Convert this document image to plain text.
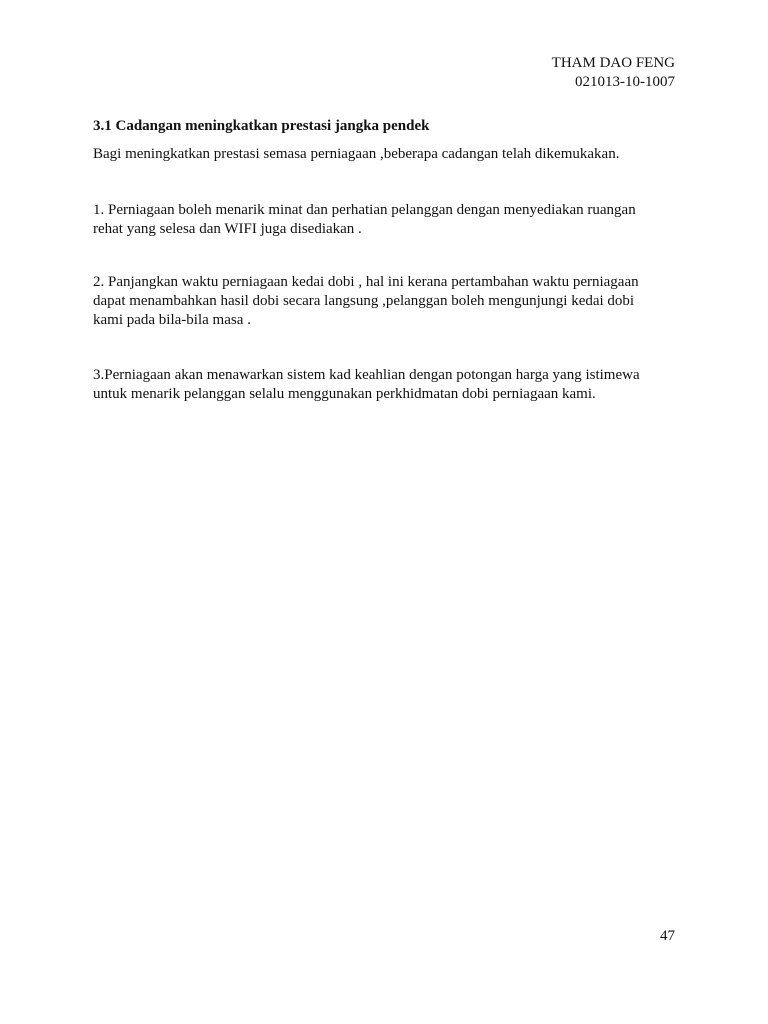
THAM DAO FENG
021013-10-1007
3.1 Cadangan meningkatkan prestasi jangka pendek
Bagi meningkatkan prestasi semasa perniagaan ,beberapa cadangan telah dikemukakan.
1. Perniagaan boleh menarik minat dan perhatian pelanggan dengan menyediakan ruangan
rehat yang selesa dan WIFI juga disediakan .
2. Panjangkan waktu perniagaan kedai dobi , hal ini kerana pertambahan waktu perniagaan
dapat menambahkan hasil dobi secara langsung ,pelanggan boleh mengunjungi kedai dobi
kami pada bila-bila masa .
3.Perniagaan akan menawarkan sistem kad keahlian dengan potongan harga yang istimewa
untuk menarik pelanggan selalu menggunakan perkhidmatan dobi perniagaan kami.
47
